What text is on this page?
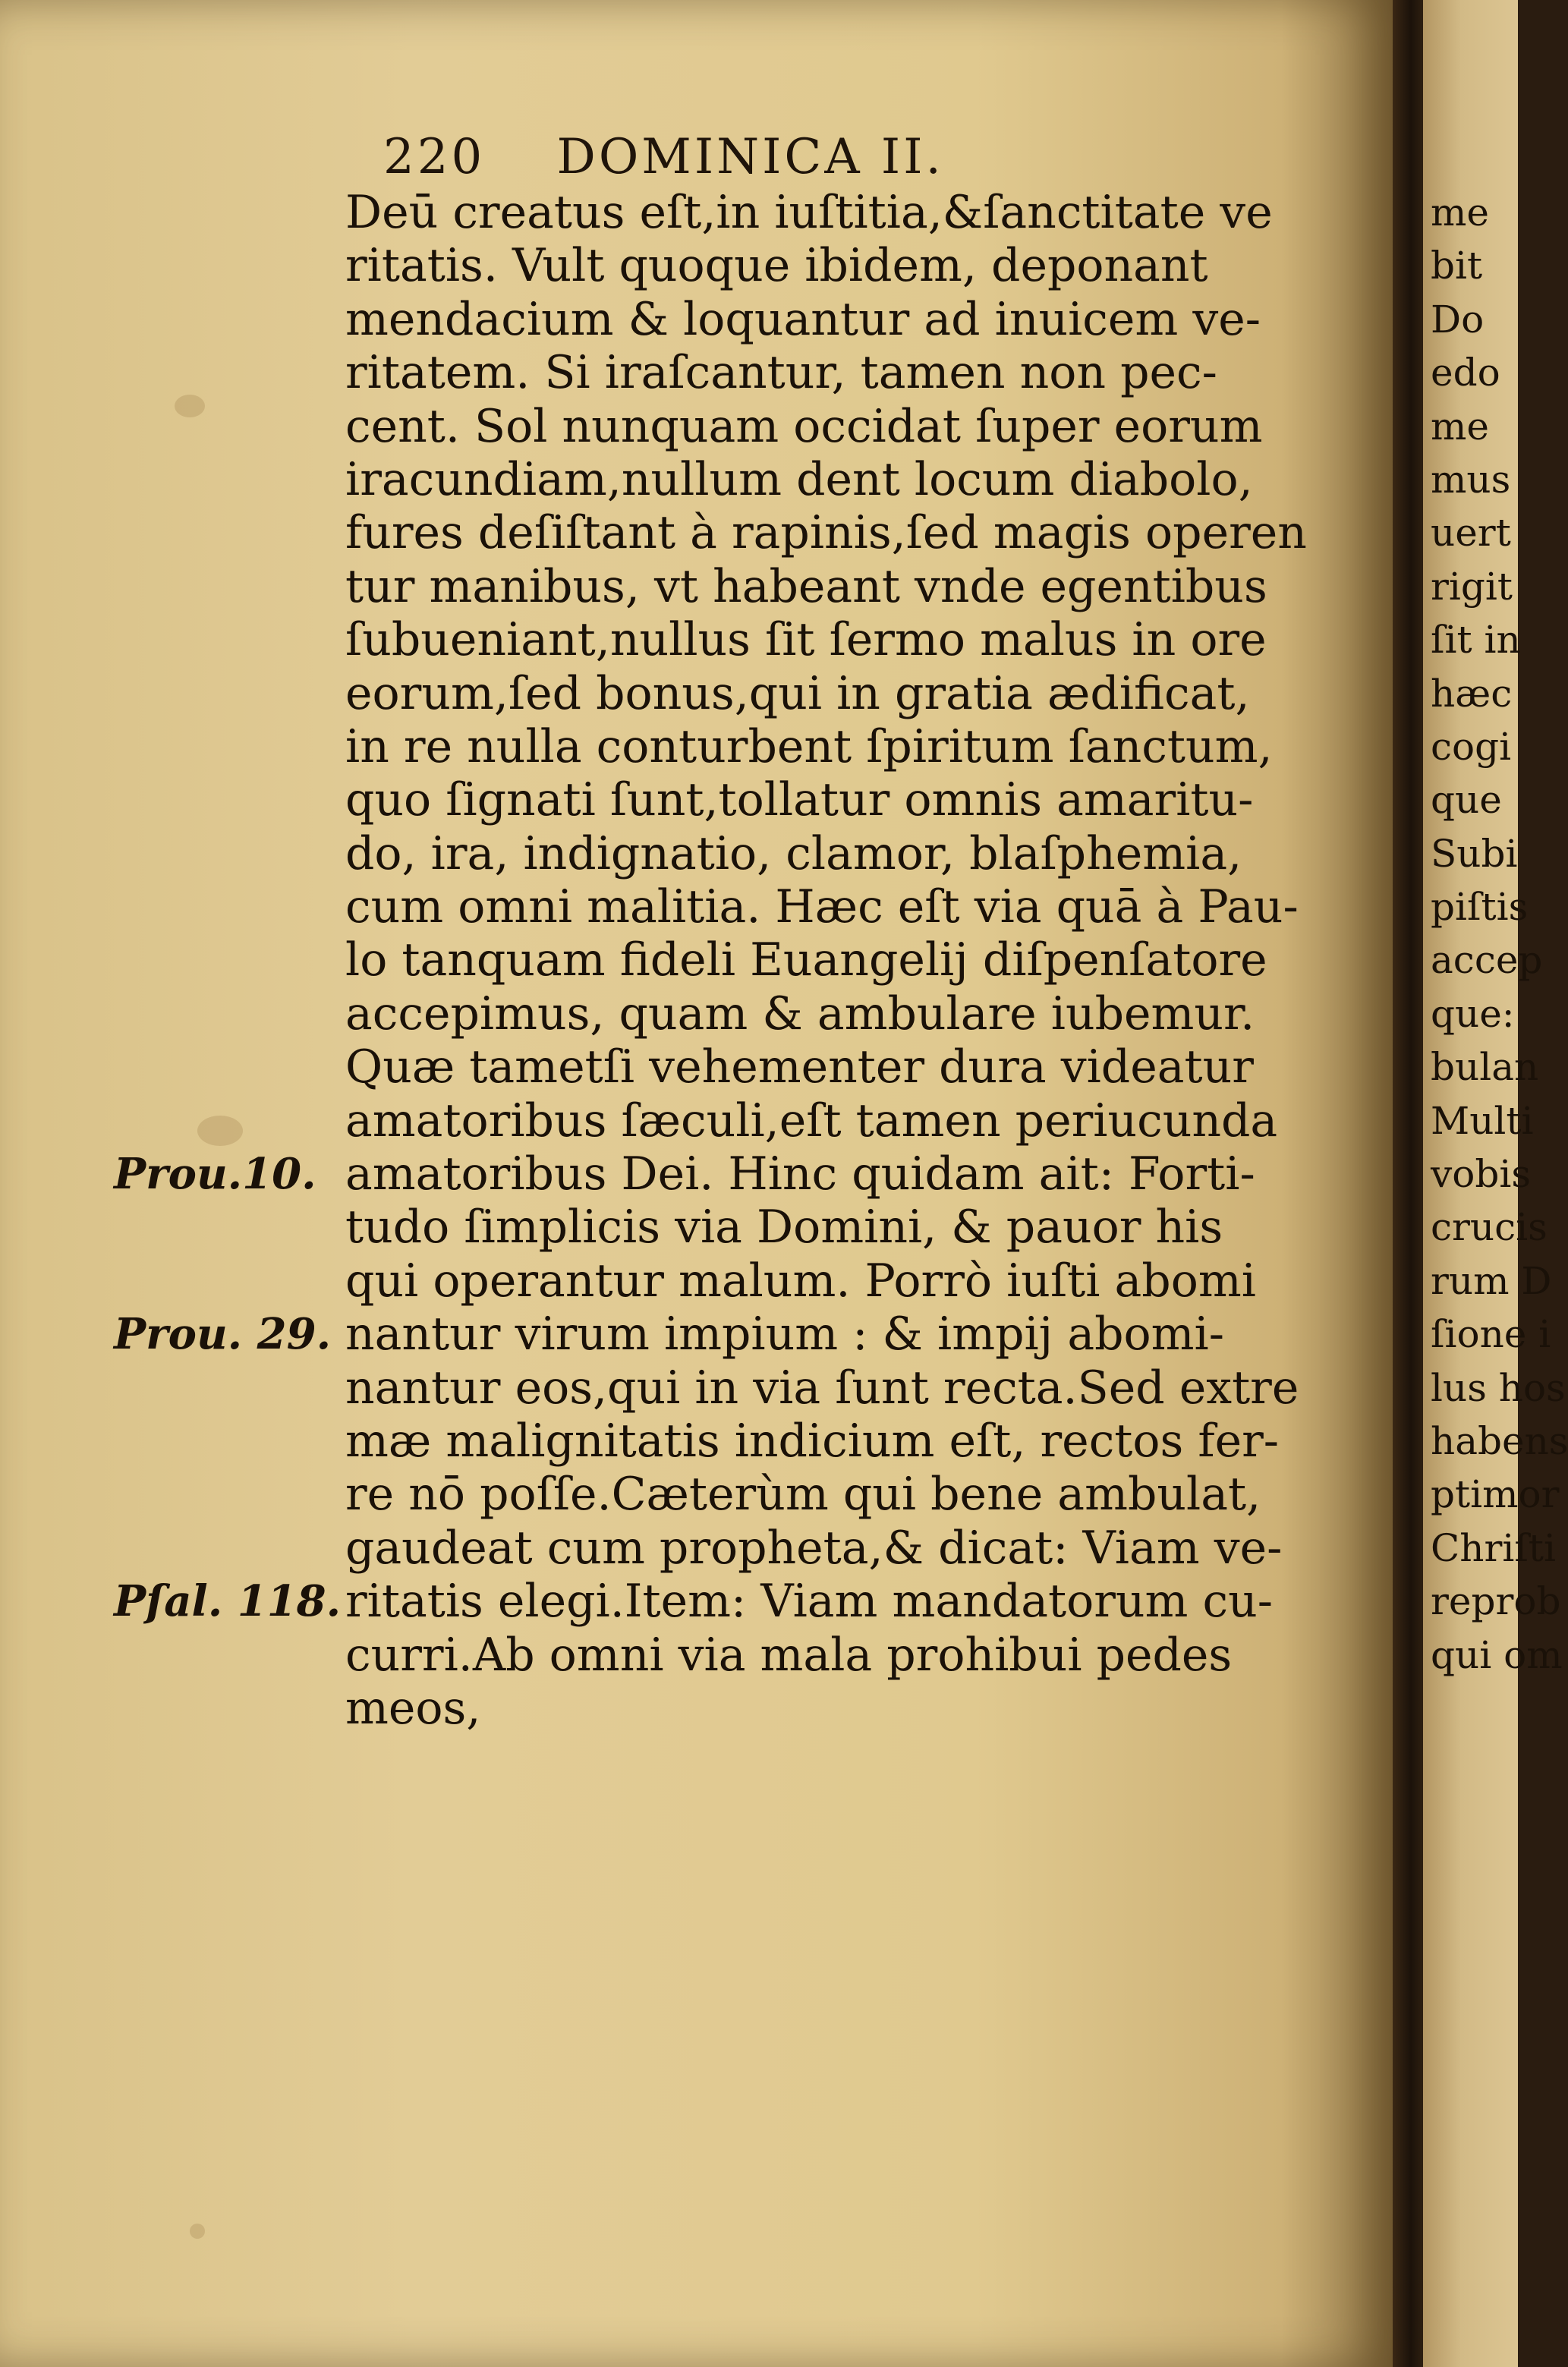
220 DOMINICA II.
Deū creatus eſt,in iuſtitia,&ſanctitate ve
ritatis. Vult quoque ibidem, deponant
mendacium & loquantur ad inuicem ve-
ritatem. Si iraſcantur, tamen non pec-
cent. Sol nunquam occidat ſuper eorum
iracundiam,nullum dent locum diabolo,
fures deſiſtant à rapinis,ſed magis operen
tur manibus, vt habeant vnde egentibus
ſubueniant,nullus ſit ſermo malus in ore
eorum,ſed bonus,qui in gratia ædificat,
in re nulla conturbent ſpiritum ſanctum,
quo ſignati ſunt,tollatur omnis amaritu-
do, ira, indignatio, clamor, blaſphemia,
cum omni malitia. Hæc eſt via quā à Pau-
lo tanquam fideli Euangelij diſpenſatore
accepimus, quam & ambulare iubemur.
Quæ tametſi vehementer dura videatur
amatoribus ſæculi,eſt tamen periucunda
amatoribus Dei. Hinc quidam ait: Forti-
tudo ſimplicis via Domini, & pauor his
qui operantur malum. Porrò iuſti abomi
nantur virum impium : & impij abomi-
nantur eos,qui in via ſunt recta.Sed extre
mæ malignitatis indicium eſt, rectos fer-
re nō poſſe.Cæterùm qui bene ambulat,
gaudeat cum propheta,& dicat: Viam ve-
ritatis elegi.Item: Viam mandatorum cu-
curri.Ab omni via mala prohibui pedes
meos,
Prou.10.
Prou. 29.
Pſal. 118.
me
bit
Do
edo
me
mus
uert
rigit
ſit in
hæc
cogi
que
Subi
piſtis
accep
que:
bulan
Multi
vobis
crucis
rum D
ſione i
lus hos
habens
ptimor
Chriſti
reprob
qui om
